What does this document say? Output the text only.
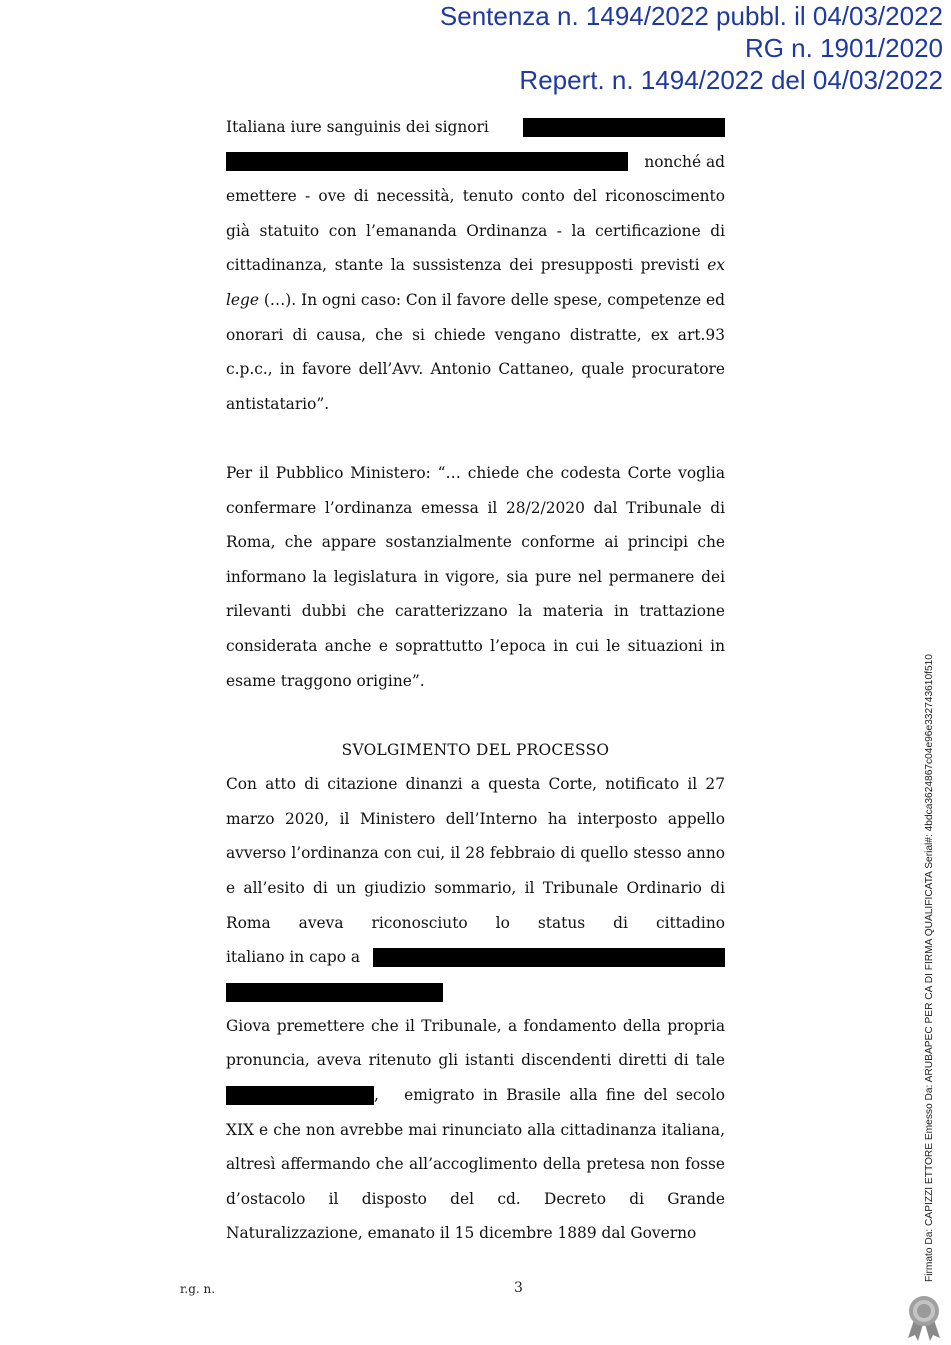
Sentenza n. 1494/2022 pubbl. il 04/03/2022
RG n. 1901/2020
Repert. n. 1494/2022 del 04/03/2022

Italiana iure sanguinis dei signori
nonché ad
emettere - ove di necessità, tenuto conto del riconoscimento già statuito con l’emananda Ordinanza - la certificazione di cittadinanza, stante la sussistenza dei presupposti previsti ex lege (…). In ogni caso: Con il favore delle spese, competenze ed onorari di causa, che si chiede vengano distratte, ex art.93 c.p.c., in favore dell’Avv. Antonio Cattaneo, quale procuratore antistatario”.

Per il Pubblico Ministero: “… chiede che codesta Corte voglia confermare l’ordinanza emessa il 28/2/2020 dal Tribunale di Roma, che appare sostanzialmente conforme ai principi che informano la legislatura in vigore, sia pure nel permanere dei rilevanti dubbi che caratterizzano la materia in trattazione considerata anche e soprattutto l’epoca in cui le situazioni in esame traggono origine”.

SVOLGIMENTO DEL PROCESSO

Con atto di citazione dinanzi a questa Corte, notificato il 27 marzo 2020, il Ministero dell’Interno ha interposto appello avverso l’ordinanza con cui, il 28 febbraio di quello stesso anno e all’esito di un giudizio sommario, il Tribunale Ordinario di Roma aveva riconosciuto lo status di cittadino
italiano in capo a

Giova premettere che il Tribunale, a fondamento della propria pronuncia, aveva ritenuto gli istanti discendenti diretti di tale
,   emigrato in Brasile alla fine del secolo
XIX e che non avrebbe mai rinunciato alla cittadinanza italiana, altresì affermando che all’accoglimento della pretesa non fosse d’ostacolo il disposto del cd. Decreto di Grande Naturalizzazione, emanato il 15 dicembre 1889 dal Governo

r.g. n.	3
Firmato Da: CAPIZZI ETTORE Emesso Da: ARUBAPEC PER CA DI FIRMA QUALIFICATA Serial#: 4bdca3624867c04e96e332743610f510
